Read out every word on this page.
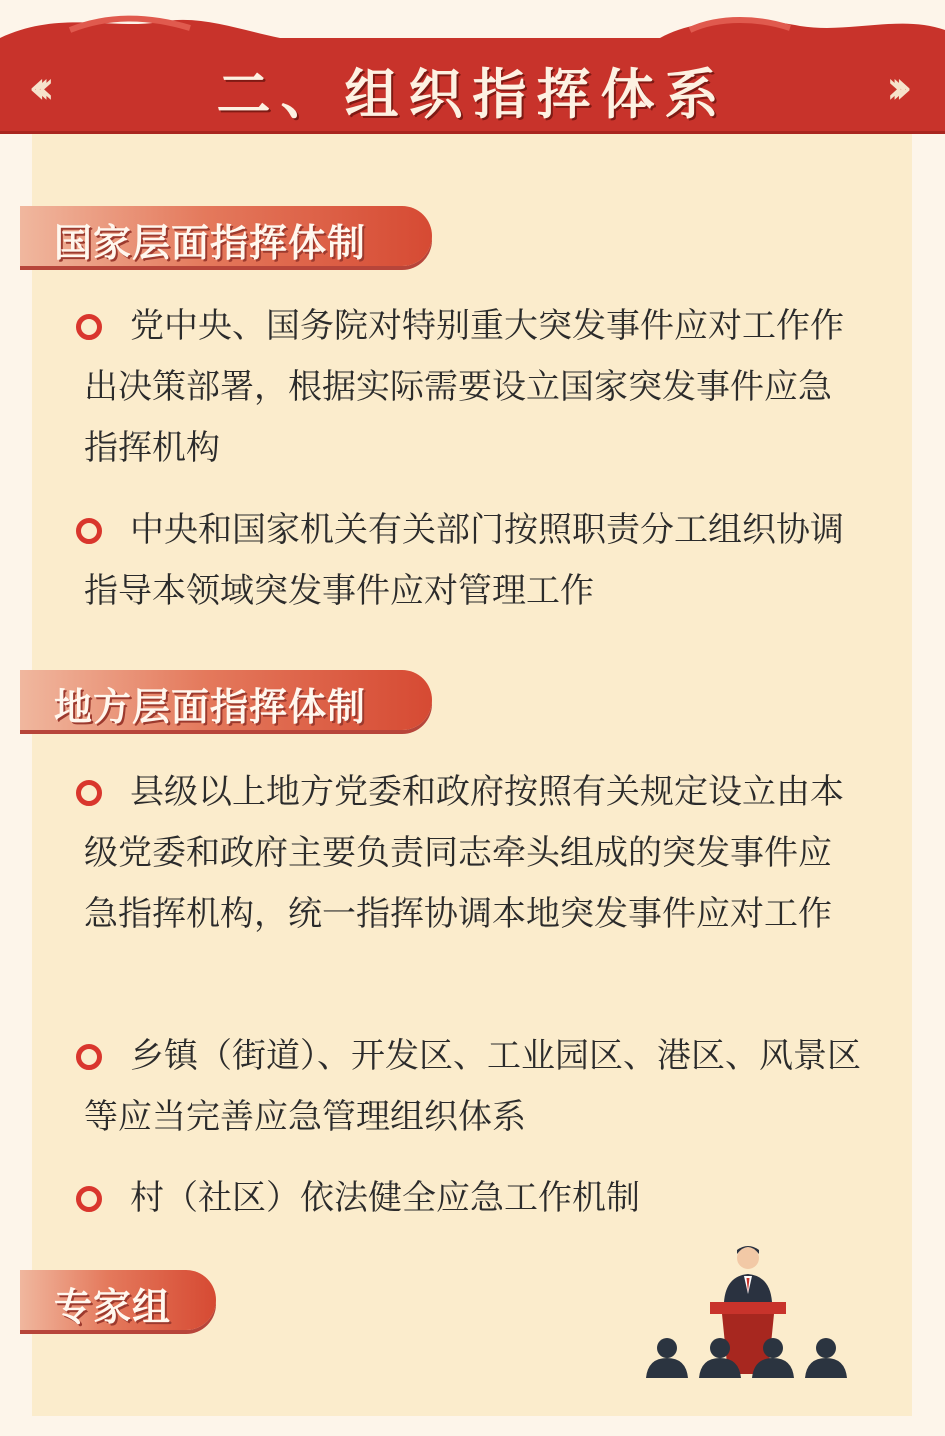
‹‹‹	二、组织指挥体系	›››
国家层面指挥体制
党中央、国务院对特别重大突发事件应对工作作出决策部署，根据实际需要设立国家突发事件应急指挥机构
中央和国家机关有关部门按照职责分工组织协调指导本领域突发事件应对管理工作
地方层面指挥体制
县级以上地方党委和政府按照有关规定设立由本级党委和政府主要负责同志牵头组成的突发事件应急指挥机构，统一指挥协调本地突发事件应对工作
乡镇（街道）、开发区、工业园区、港区、风景区等应当完善应急管理组织体系
村（社区）依法健全应急工作机制
专家组
